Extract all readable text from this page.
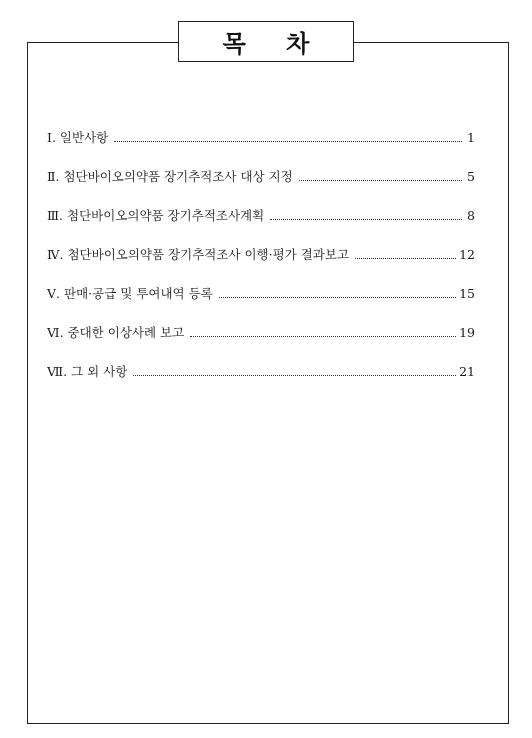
목 차
Ⅰ. 일반사항	1
Ⅱ. 첨단바이오의약품 장기추적조사 대상 지정	5
Ⅲ. 첨단바이오의약품 장기추적조사계획	8
Ⅳ. 첨단바이오의약품 장기추적조사 이행·평가 결과보고	12
Ⅴ. 판매·공급 및 투여내역 등록	15
Ⅵ. 중대한 이상사례 보고	19
Ⅶ. 그 외 사항	21
